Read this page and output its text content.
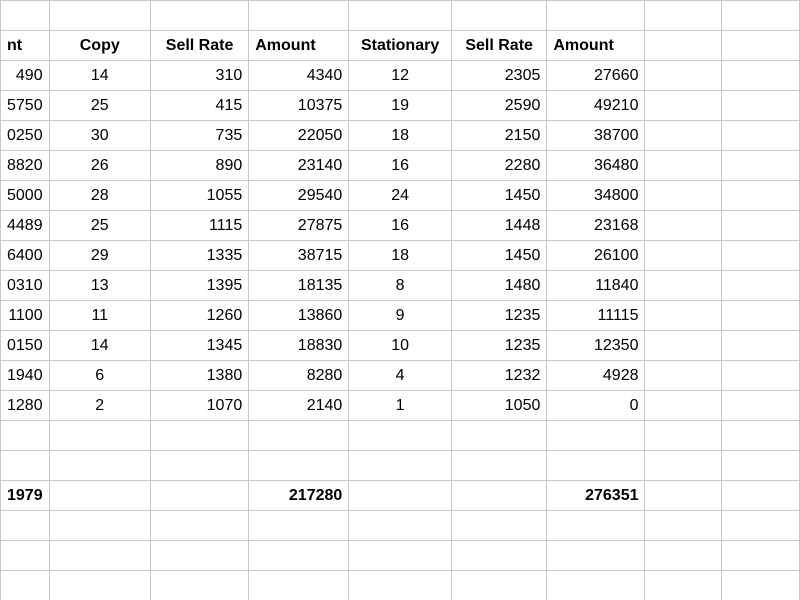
nt	Copy	Sell Rate	Amount	Stationary	Sell Rate	Amount		
490	14	310	4340	12	2305	27660		
5750	25	415	10375	19	2590	49210		
0250	30	735	22050	18	2150	38700		
8820	26	890	23140	16	2280	36480		
5000	28	1055	29540	24	1450	34800		
4489	25	1115	27875	16	1448	23168		
6400	29	1335	38715	18	1450	26100		
0310	13	1395	18135	8	1480	11840		
1100	11	1260	13860	9	1235	11115		
0150	14	1345	18830	10	1235	12350		
1940	6	1380	8280	4	1232	4928		
1280	2	1070	2140	1	1050	0		

1979			217280			276351		
